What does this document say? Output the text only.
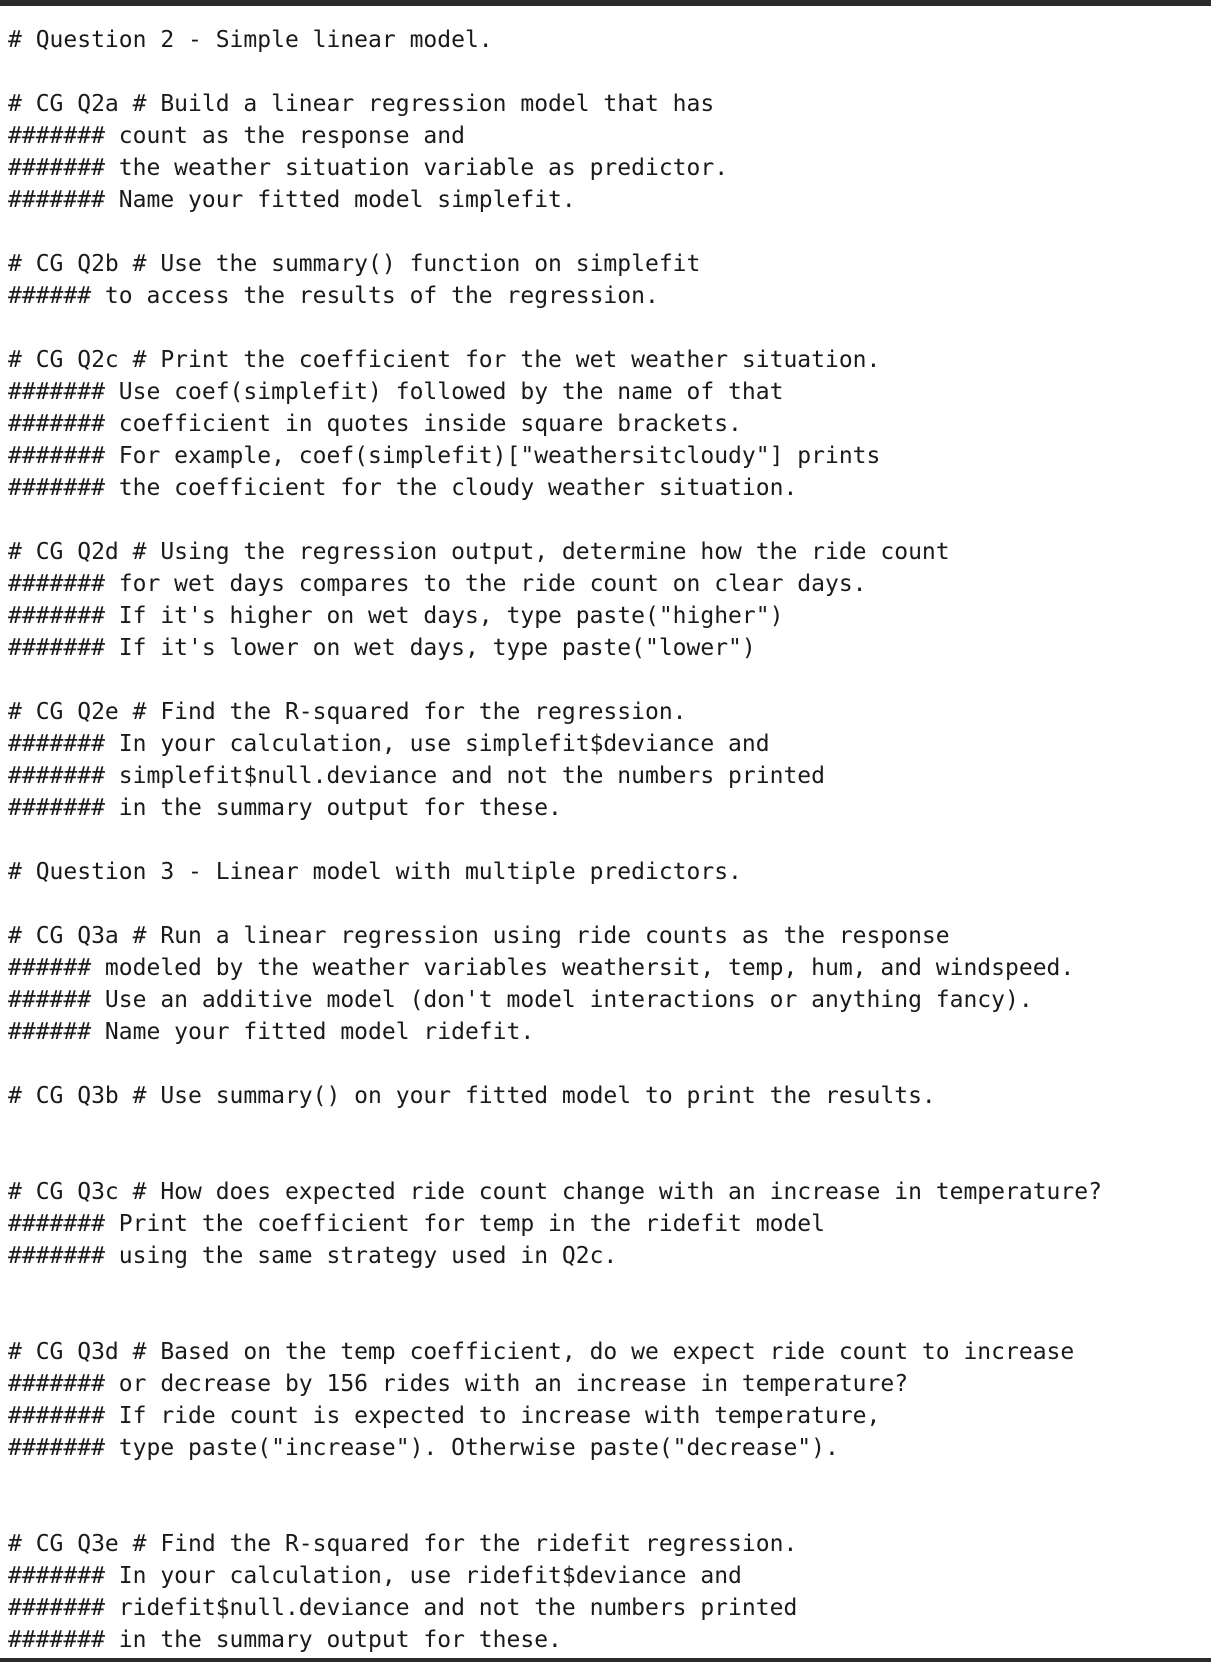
# Question 2 - Simple linear model.
# CG Q2a # Build a linear regression model that has
####### count as the response and
####### the weather situation variable as predictor.
####### Name your fitted model simplefit.
# CG Q2b # Use the summary() function on simplefit
###### to access the results of the regression.
# CG Q2c # Print the coefficient for the wet weather situation.
####### Use coef(simplefit) followed by the name of that
####### coefficient in quotes inside square brackets.
####### For example, coef(simplefit)["weathersitcloudy"] prints
####### the coefficient for the cloudy weather situation.
# CG Q2d # Using the regression output, determine how the ride count
####### for wet days compares to the ride count on clear days.
####### If it's higher on wet days, type paste("higher")
####### If it's lower on wet days, type paste("lower")
# CG Q2e # Find the R-squared for the regression.
####### In your calculation, use simplefit$deviance and
####### simplefit$null.deviance and not the numbers printed
####### in the summary output for these.
# Question 3 - Linear model with multiple predictors.
# CG Q3a # Run a linear regression using ride counts as the response
###### modeled by the weather variables weathersit, temp, hum, and windspeed.
###### Use an additive model (don't model interactions or anything fancy).
###### Name your fitted model ridefit.
# CG Q3b # Use summary() on your fitted model to print the results.
# CG Q3c # How does expected ride count change with an increase in temperature?
####### Print the coefficient for temp in the ridefit model
####### using the same strategy used in Q2c.
# CG Q3d # Based on the temp coefficient, do we expect ride count to increase
####### or decrease by 156 rides with an increase in temperature?
####### If ride count is expected to increase with temperature,
####### type paste("increase"). Otherwise paste("decrease").
# CG Q3e # Find the R-squared for the ridefit regression.
####### In your calculation, use ridefit$deviance and
####### ridefit$null.deviance and not the numbers printed
####### in the summary output for these.
